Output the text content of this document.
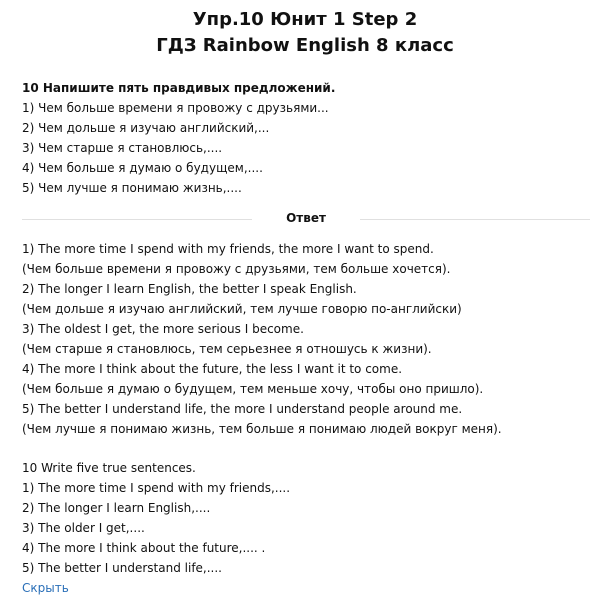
Упр.10 Юнит 1 Step 2
ГДЗ Rainbow English 8 класс
10 Напишите пять правдивых предложений.
1) Чем больше времени я провожу с друзьями...
2) Чем дольше я изучаю английский,...
3) Чем старше я становлюсь,....
4) Чем больше я думаю о будущем,....
5) Чем лучше я понимаю жизнь,....
Ответ
1) The more time I spend with my friends, the more I want to spend.
(Чем больше времени я провожу с друзьями, тем больше хочется).
2) The longer I learn English, the better I speak English.
(Чем дольше я изучаю английский, тем лучше говорю по-английски)
3) The oldest I get, the more serious I become.
(Чем старше я становлюсь, тем серьезнее я отношусь к жизни).
4) The more I think about the future, the less I want it to come.
(Чем больше я думаю о будущем, тем меньше хочу, чтобы оно пришло).
5) The better I understand life, the more I understand people around me.
(Чем лучше я понимаю жизнь, тем больше я понимаю людей вокруг меня).
10 Write five true sentences.
1) The more time I spend with my friends,....
2) The longer I learn English,....
3) The older I get,....
4) The more I think about the future,.... .
5) The better I understand life,....
Скрыть
